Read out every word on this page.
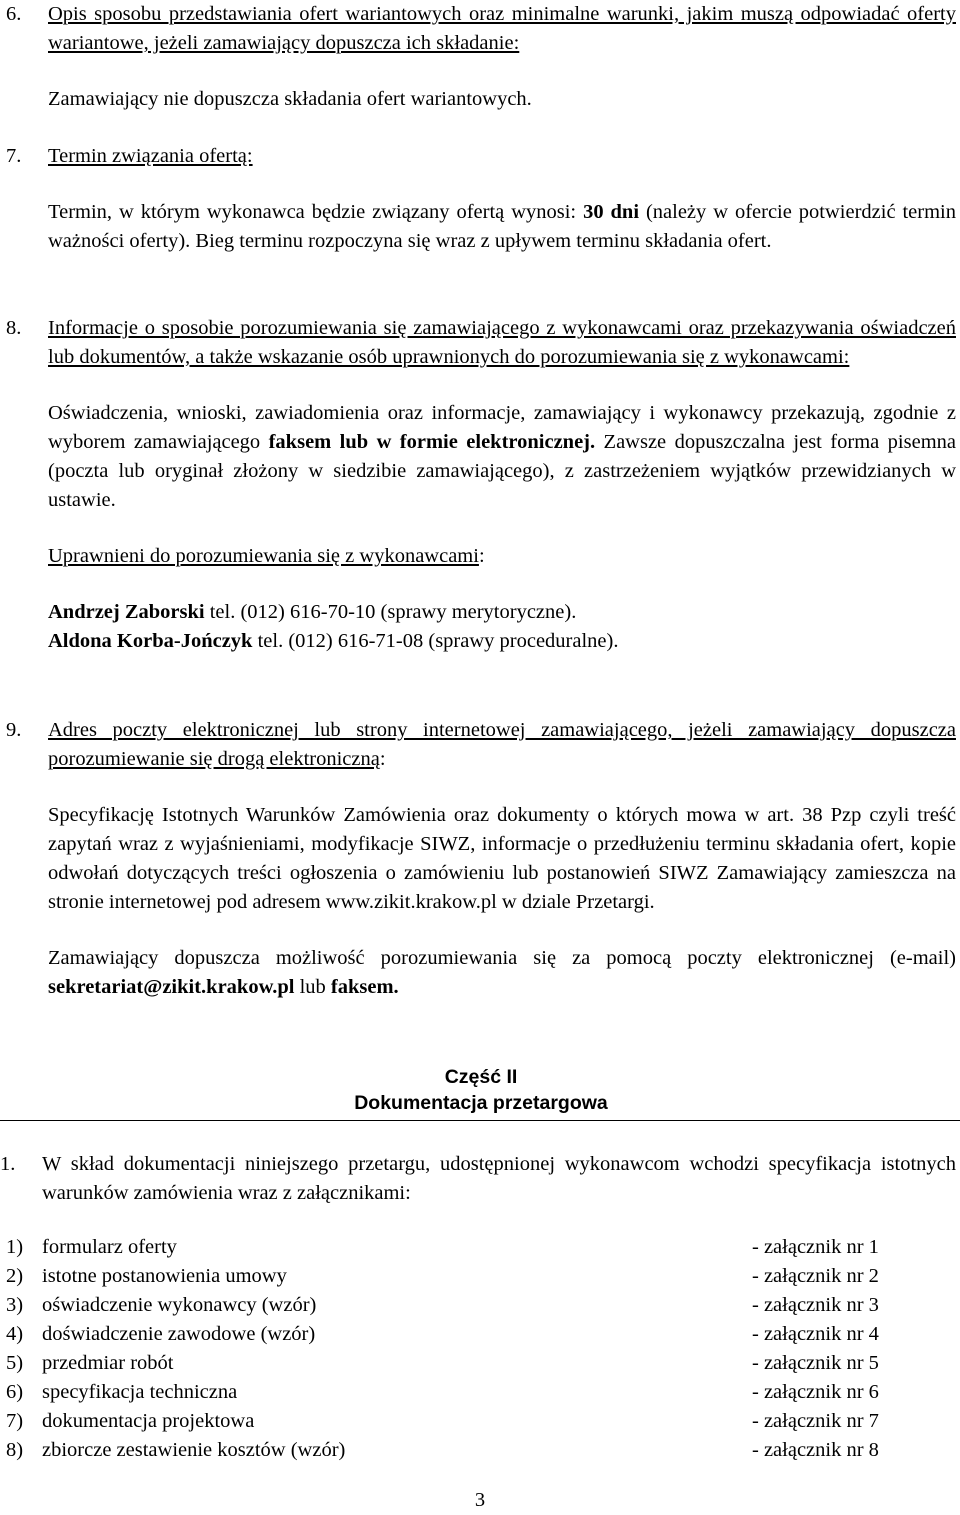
6. Opis sposobu przedstawiania ofert wariantowych oraz minimalne warunki, jakim muszą odpowiadać oferty wariantowe, jeżeli zamawiający dopuszcza ich składanie:
Zamawiający nie dopuszcza składania ofert wariantowych.
7. Termin związania ofertą:
Termin, w którym wykonawca będzie związany ofertą wynosi: 30 dni (należy w ofercie potwierdzić termin ważności oferty). Bieg terminu rozpoczyna się wraz z upływem terminu składania ofert.
8. Informacje o sposobie porozumiewania się zamawiającego z wykonawcami oraz przekazywania oświadczeń lub dokumentów, a także wskazanie osób uprawnionych do porozumiewania się z wykonawcami:
Oświadczenia, wnioski, zawiadomienia oraz informacje, zamawiający i wykonawcy przekazują, zgodnie z wyborem zamawiającego faksem lub w formie elektronicznej. Zawsze dopuszczalna jest forma pisemna (poczta lub oryginał złożony w siedzibie zamawiającego), z zastrzeżeniem wyjątków przewidzianych w ustawie.
Uprawnieni do porozumiewania się z wykonawcami:
Andrzej Zaborski tel. (012) 616-70-10 (sprawy merytoryczne).
Aldona Korba-Jończyk tel. (012) 616-71-08 (sprawy proceduralne).
9. Adres poczty elektronicznej lub strony internetowej zamawiającego, jeżeli zamawiający dopuszcza porozumiewanie się drogą elektroniczną:
Specyfikację Istotnych Warunków Zamówienia oraz dokumenty o których mowa w art. 38 Pzp czyli treść zapytań wraz z wyjaśnieniami, modyfikacje SIWZ, informacje o przedłużeniu terminu składania ofert, kopie odwołań dotyczących treści ogłoszenia o zamówieniu lub postanowień SIWZ Zamawiający zamieszcza na stronie internetowej pod adresem www.zikit.krakow.pl w dziale Przetargi.
Zamawiający dopuszcza możliwość porozumiewania się za pomocą poczty elektronicznej (e-mail) sekretariat@zikit.krakow.pl lub faksem.
Część II
Dokumentacja przetargowa
1. W skład dokumentacji niniejszego przetargu, udostępnionej wykonawcom wchodzi specyfikacja istotnych warunków zamówienia wraz z załącznikami:
1) formularz oferty	- załącznik nr 1
2) istotne postanowienia umowy	- załącznik nr 2
3) oświadczenie wykonawcy (wzór)	- załącznik nr 3
4) doświadczenie zawodowe (wzór)	- załącznik nr 4
5) przedmiar robót	- załącznik nr 5
6) specyfikacja techniczna	- załącznik nr 6
7) dokumentacja projektowa	- załącznik nr 7
8) zbiorcze zestawienie kosztów (wzór)	- załącznik nr 8
3
